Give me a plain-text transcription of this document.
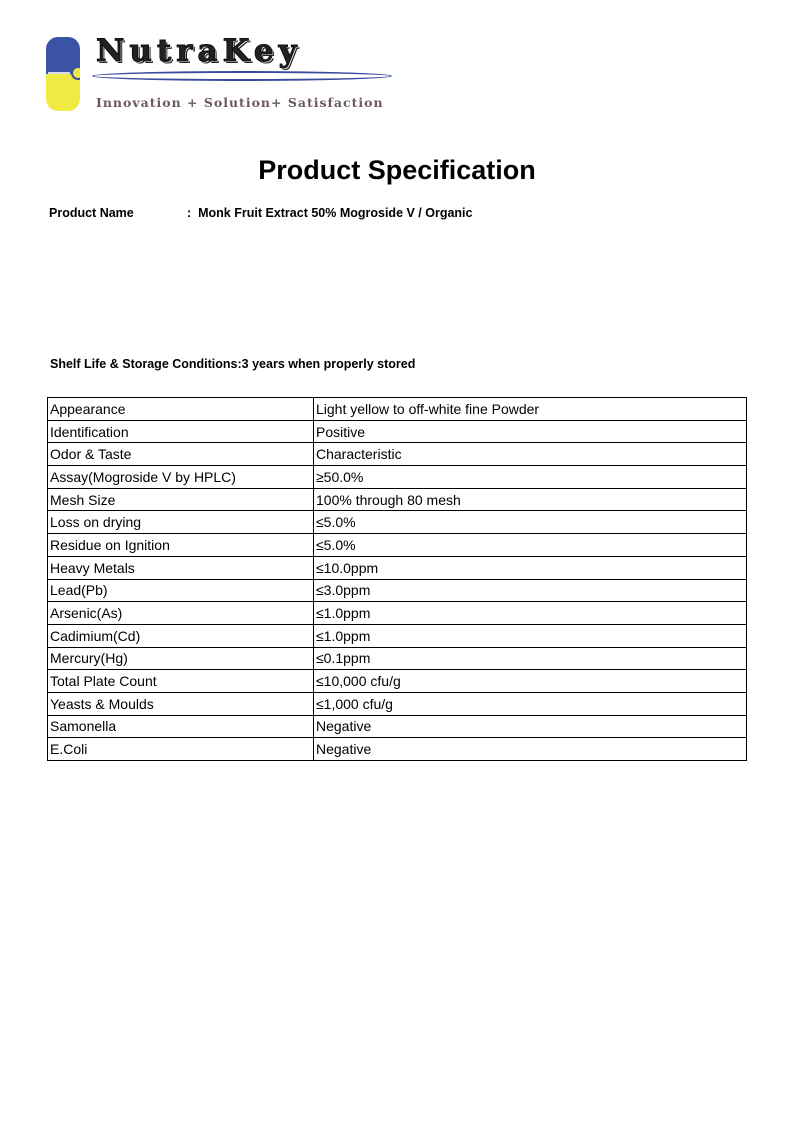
NutraKey
Innovation + Solution+ Satisfaction
Product Specification
Product Name	: Monk Fruit Extract 50% Mogroside V / Organic
Shelf Life & Storage Conditions:3 years when properly stored
Appearance	Light yellow to off-white fine Powder
Identification	Positive
Odor & Taste	Characteristic
Assay(Mogroside V by HPLC)	≥50.0%
Mesh Size	100% through 80 mesh
Loss on drying	≤5.0%
Residue on Ignition	≤5.0%
Heavy Metals	≤10.0ppm
Lead(Pb)	≤3.0ppm
Arsenic(As)	≤1.0ppm
Cadimium(Cd)	≤1.0ppm
Mercury(Hg)	≤0.1ppm
Total Plate Count	≤10,000 cfu/g
Yeasts & Moulds	≤1,000 cfu/g
Samonella	Negative
E.Coli	Negative
